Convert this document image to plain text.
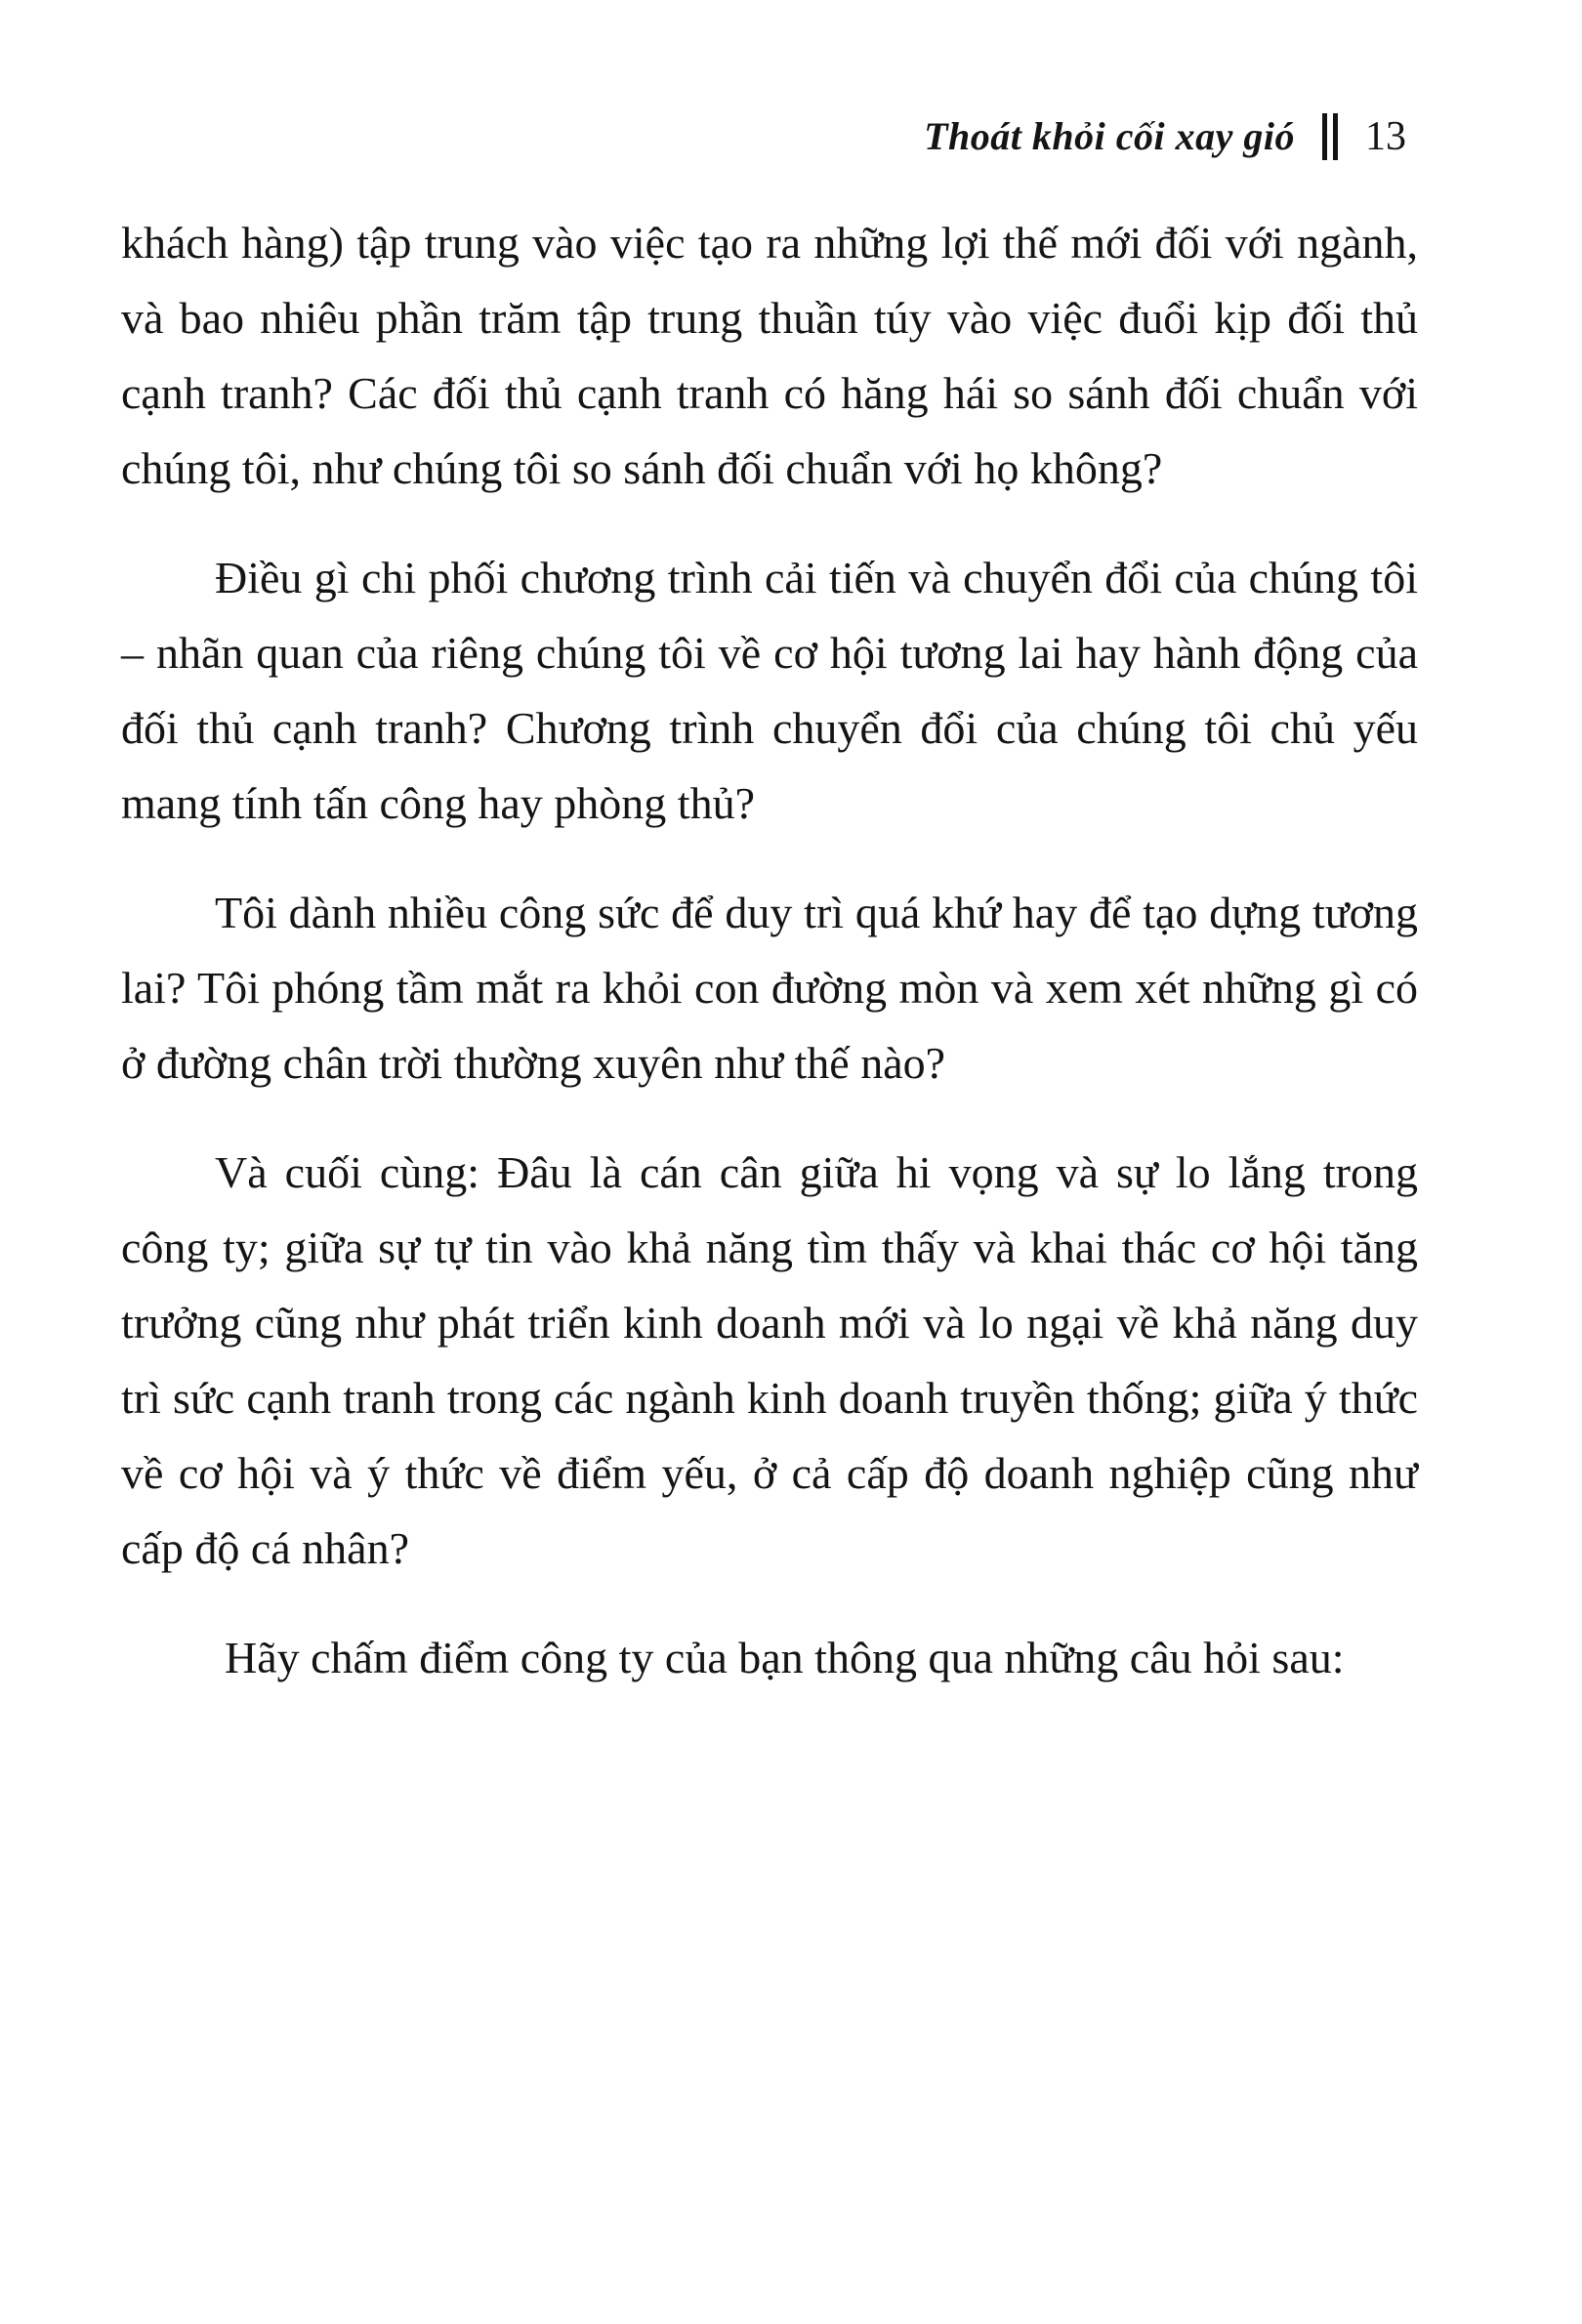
Thoát khỏi cối xay gió 13

khách hàng) tập trung vào việc tạo ra những lợi thế mới đối với ngành, và bao nhiêu phần trăm tập trung thuần túy vào việc đuổi kịp đối thủ cạnh tranh? Các đối thủ cạnh tranh có hăng hái so sánh đối chuẩn với chúng tôi, như chúng tôi so sánh đối chuẩn với họ không?

Điều gì chi phối chương trình cải tiến và chuyển đổi của chúng tôi – nhãn quan của riêng chúng tôi về cơ hội tương lai hay hành động của đối thủ cạnh tranh? Chương trình chuyển đổi của chúng tôi chủ yếu mang tính tấn công hay phòng thủ?

Tôi dành nhiều công sức để duy trì quá khứ hay để tạo dựng tương lai? Tôi phóng tầm mắt ra khỏi con đường mòn và xem xét những gì có ở đường chân trời thường xuyên như thế nào?

Và cuối cùng: Đâu là cán cân giữa hi vọng và sự lo lắng trong công ty; giữa sự tự tin vào khả năng tìm thấy và khai thác cơ hội tăng trưởng cũng như phát triển kinh doanh mới và lo ngại về khả năng duy trì sức cạnh tranh trong các ngành kinh doanh truyền thống; giữa ý thức về cơ hội và ý thức về điểm yếu, ở cả cấp độ doanh nghiệp cũng như cấp độ cá nhân?

Hãy chấm điểm công ty của bạn thông qua những câu hỏi sau:
